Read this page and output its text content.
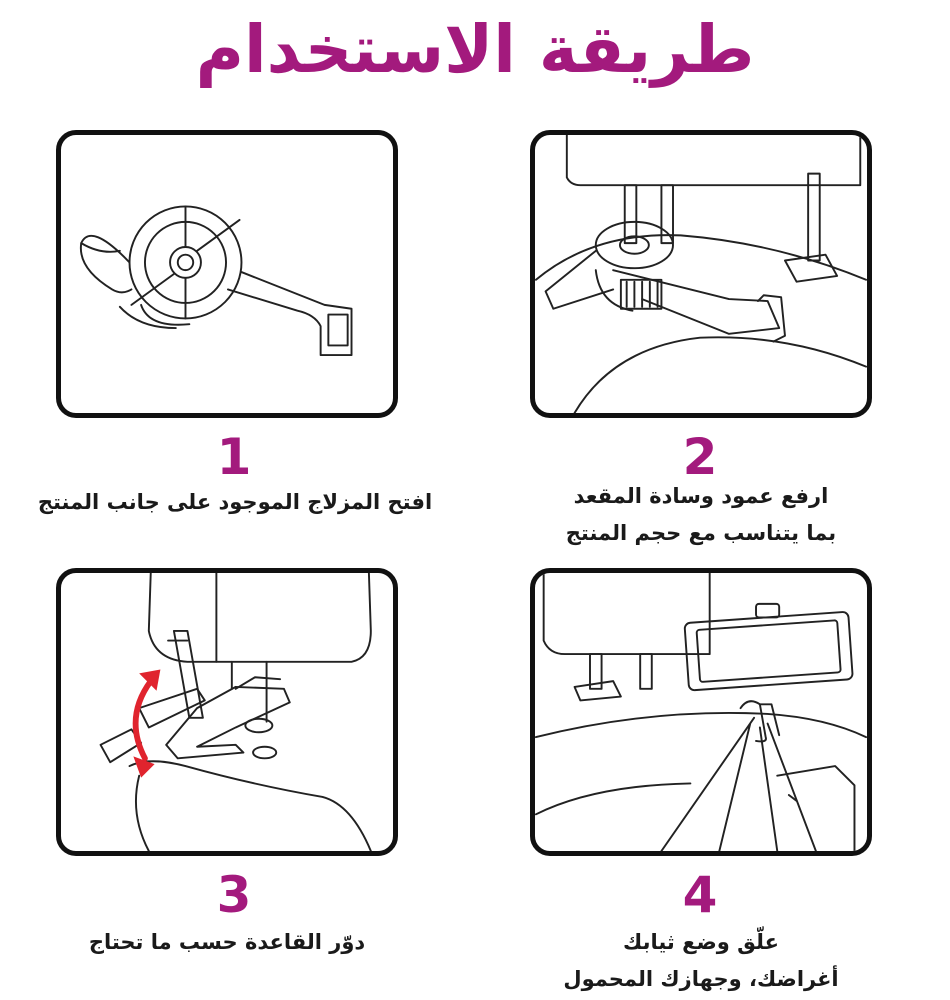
طريقة الاستخدام
2
ارفع عمود وسادة المقعد
بما يتناسب مع حجم المنتج
1
افتح المزلاج الموجود على جانب المنتج
4
علّق وضع ثيابك
أغراضك، وجهازك المحمول
3
دوّر القاعدة حسب ما تحتاج
